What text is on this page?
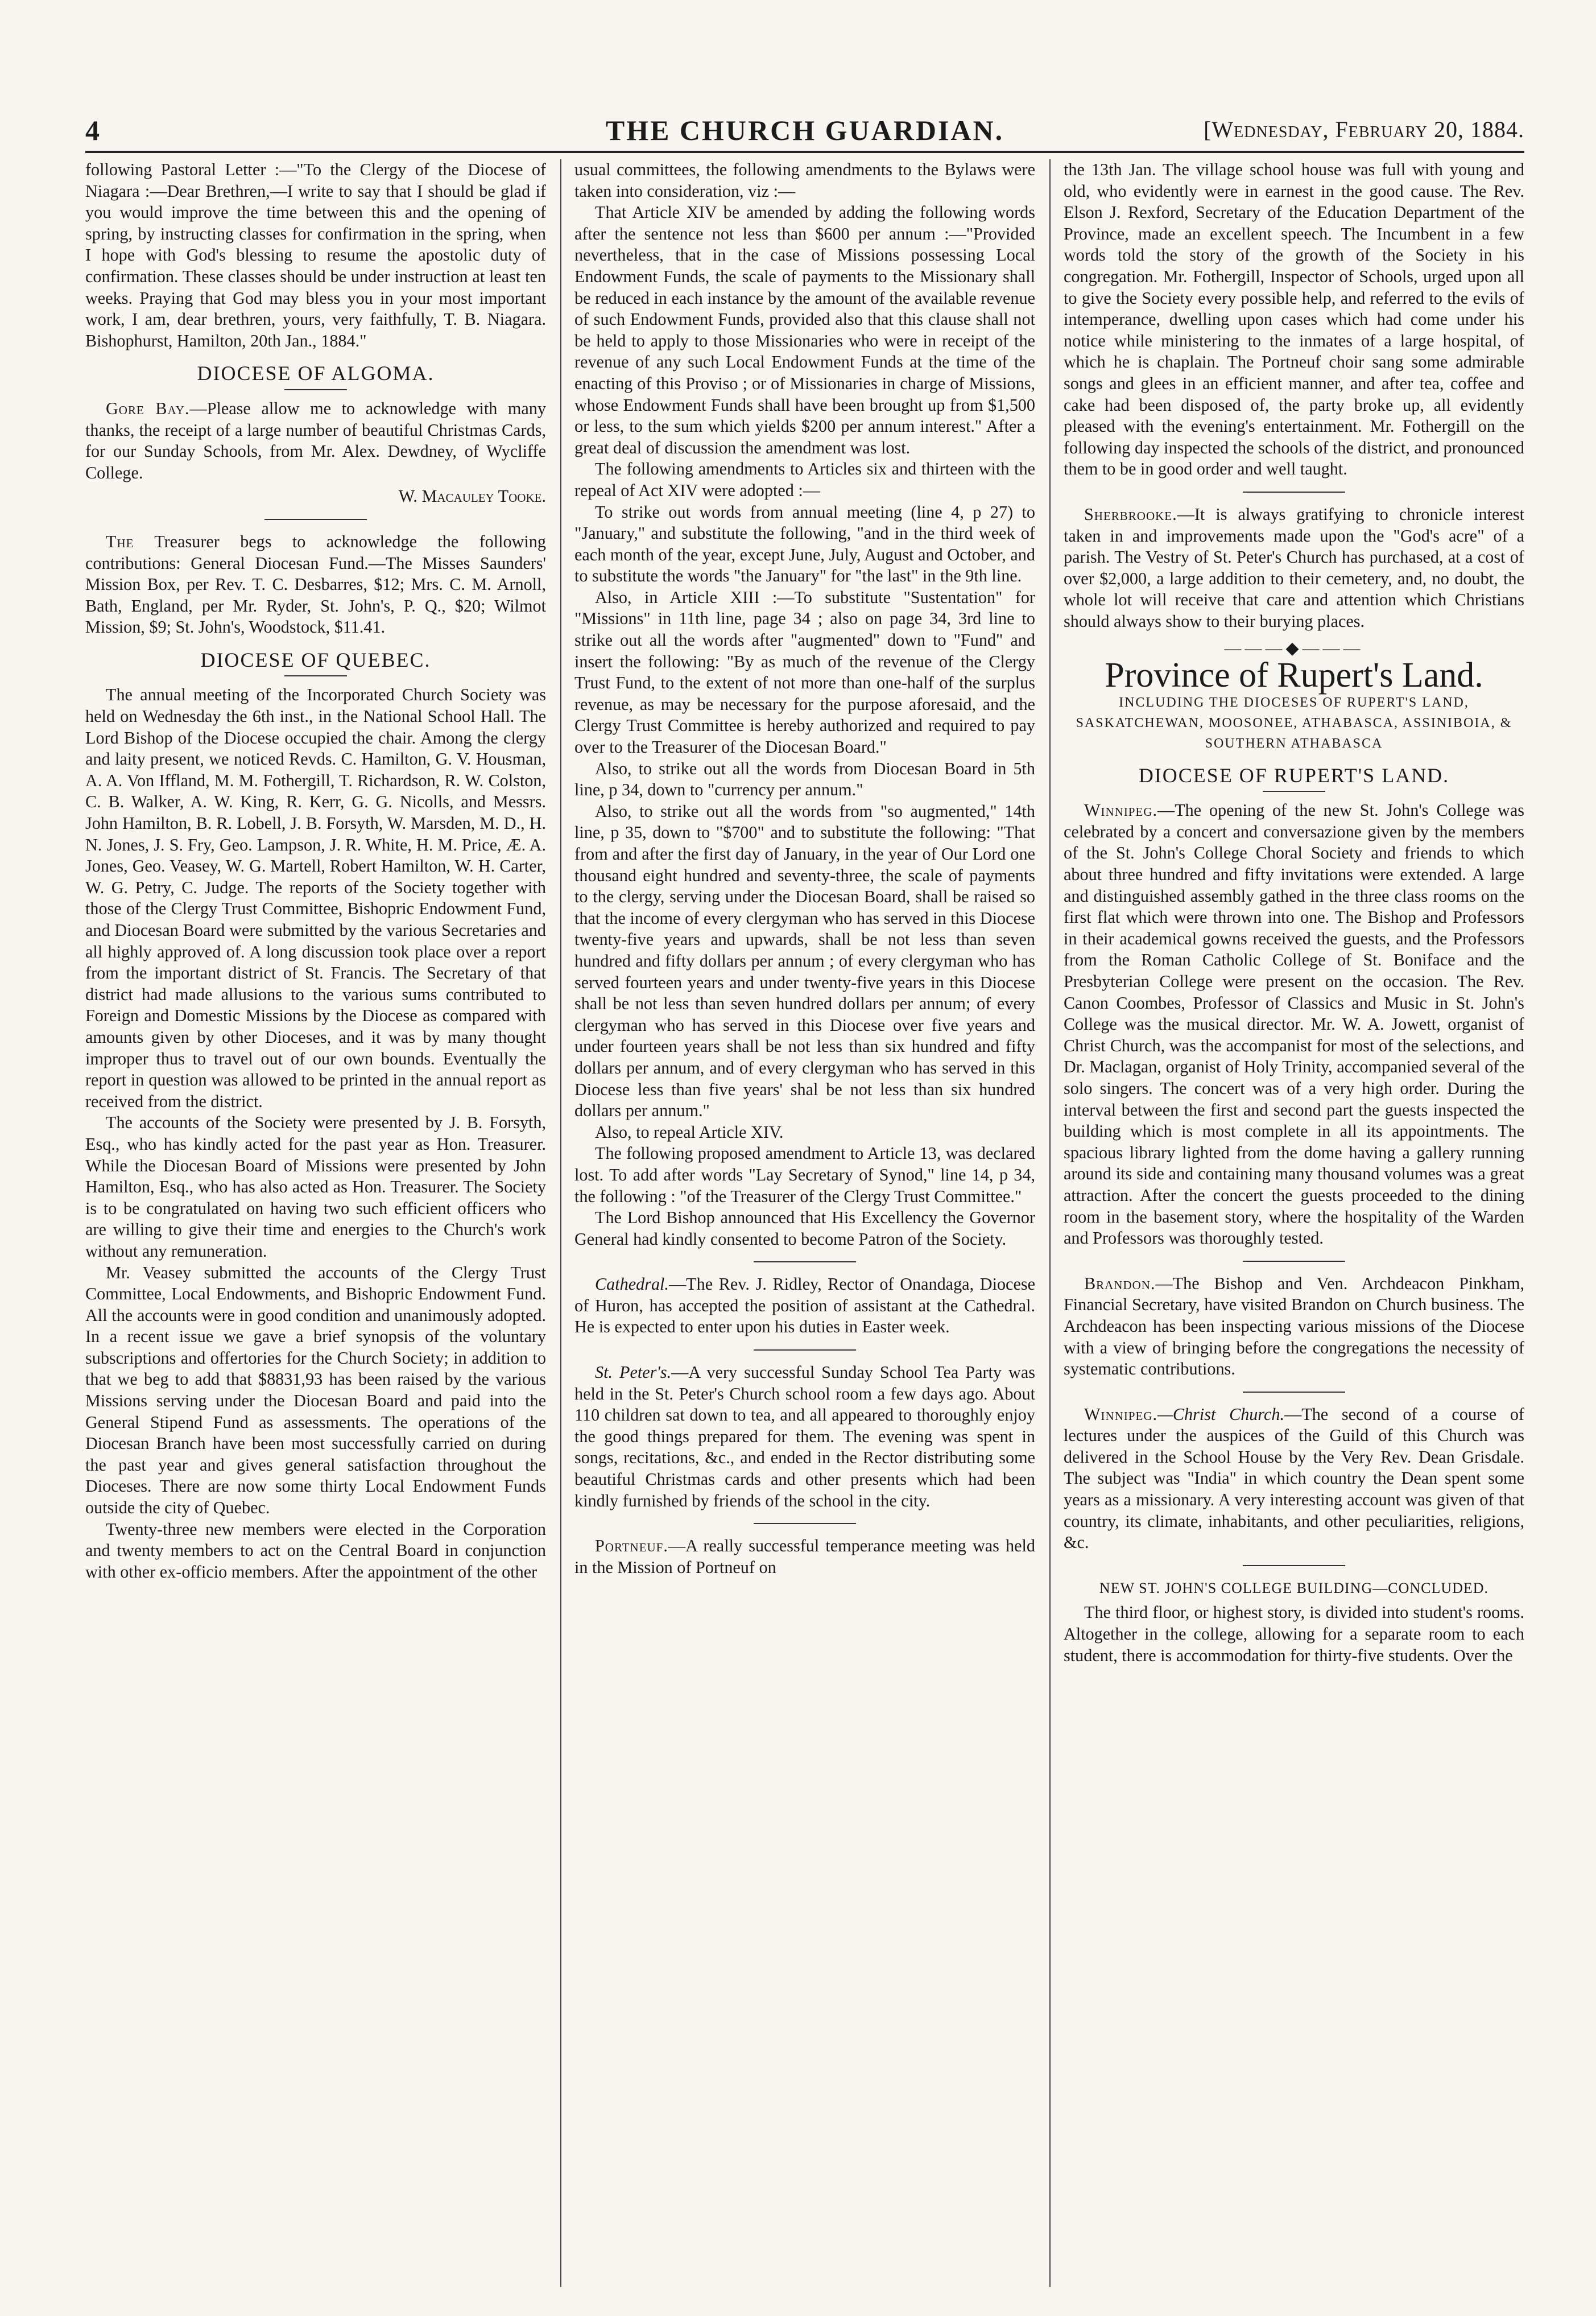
4	THE CHURCH GUARDIAN.	[Wednesday, February 20, 1884.

following Pastoral Letter :—"To the Clergy of the Diocese of Niagara :—Dear Brethren,—I write to say that I should be glad if you would improve the time between this and the opening of spring, by instructing classes for confirmation in the spring, when I hope with God's blessing to resume the apostolic duty of confirmation. These classes should be under instruction at least ten weeks. Praying that God may bless you in your most important work, I am, dear brethren, yours, very faithfully, T. B. Niagara. Bishophurst, Hamilton, 20th Jan., 1884."

DIOCESE OF ALGOMA.

Gore Bay.—Please allow me to acknowledge with many thanks, the receipt of a large number of beautiful Christmas Cards, for our Sunday Schools, from Mr. Alex. Dewdney, of Wycliffe College.

W. Macauley Tooke.

The Treasurer begs to acknowledge the following contributions: General Diocesan Fund.—The Misses Saunders' Mission Box, per Rev. T. C. Desbarres, $12; Mrs. C. M. Arnoll, Bath, England, per Mr. Ryder, St. John's, P. Q., $20; Wilmot Mission, $9; St. John's, Woodstock, $11.41.

DIOCESE OF QUEBEC.

The annual meeting of the Incorporated Church Society was held on Wednesday the 6th inst., in the National School Hall. The Lord Bishop of the Diocese occupied the chair. Among the clergy and laity present, we noticed Revds. C. Hamilton, G. V. Housman, A. A. Von Iffland, M. M. Fothergill, T. Richardson, R. W. Colston, C. B. Walker, A. W. King, R. Kerr, G. G. Nicolls, and Messrs. John Hamilton, B. R. Lobell, J. B. Forsyth, W. Marsden, M. D., H. N. Jones, J. S. Fry, Geo. Lampson, J. R. White, H. M. Price, Æ. A. Jones, Geo. Veasey, W. G. Martell, Robert Hamilton, W. H. Carter, W. G. Petry, C. Judge. The reports of the Society together with those of the Clergy Trust Committee, Bishopric Endowment Fund, and Diocesan Board were submitted by the various Secretaries and all highly approved of. A long discussion took place over a report from the important district of St. Francis. The Secretary of that district had made allusions to the various sums contributed to Foreign and Domestic Missions by the Diocese as compared with amounts given by other Dioceses, and it was by many thought improper thus to travel out of our own bounds. Eventually the report in question was allowed to be printed in the annual report as received from the district.

The accounts of the Society were presented by J. B. Forsyth, Esq., who has kindly acted for the past year as Hon. Treasurer. While the Diocesan Board of Missions were presented by John Hamilton, Esq., who has also acted as Hon. Treasurer. The Society is to be congratulated on having two such efficient officers who are willing to give their time and energies to the Church's work without any remuneration.

Mr. Veasey submitted the accounts of the Clergy Trust Committee, Local Endowments, and Bishopric Endowment Fund. All the accounts were in good condition and unanimously adopted. In a recent issue we gave a brief synopsis of the voluntary subscriptions and offertories for the Church Society; in addition to that we beg to add that $8831,93 has been raised by the various Missions serving under the Diocesan Board and paid into the General Stipend Fund as assessments. The operations of the Diocesan Branch have been most successfully carried on during the past year and gives general satisfaction throughout the Dioceses. There are now some thirty Local Endowment Funds outside the city of Quebec.

Twenty-three new members were elected in the Corporation and twenty members to act on the Central Board in conjunction with other ex-officio members. After the appointment of the other

usual committees, the following amendments to the Bylaws were taken into consideration, viz :—

That Article XIV be amended by adding the following words after the sentence not less than $600 per annum :—"Provided nevertheless, that in the case of Missions possessing Local Endowment Funds, the scale of payments to the Missionary shall be reduced in each instance by the amount of the available revenue of such Endowment Funds, provided also that this clause shall not be held to apply to those Missionaries who were in receipt of the revenue of any such Local Endowment Funds at the time of the enacting of this Proviso ; or of Missionaries in charge of Missions, whose Endowment Funds shall have been brought up from $1,500 or less, to the sum which yields $200 per annum interest." After a great deal of discussion the amendment was lost.

The following amendments to Articles six and thirteen with the repeal of Act XIV were adopted :—

To strike out words from annual meeting (line 4, p 27) to "January," and substitute the following, "and in the third week of each month of the year, except June, July, August and October, and to substitute the words "the January" for "the last" in the 9th line.

Also, in Article XIII :—To substitute "Sustentation" for "Missions" in 11th line, page 34 ; also on page 34, 3rd line to strike out all the words after "augmented" down to "Fund" and insert the following: "By as much of the revenue of the Clergy Trust Fund, to the extent of not more than one-half of the surplus revenue, as may be necessary for the purpose aforesaid, and the Clergy Trust Committee is hereby authorized and required to pay over to the Treasurer of the Diocesan Board."

Also, to strike out all the words from Diocesan Board in 5th line, p 34, down to "currency per annum."

Also, to strike out all the words from "so augmented," 14th line, p 35, down to "$700" and to substitute the following: "That from and after the first day of January, in the year of Our Lord one thousand eight hundred and seventy-three, the scale of payments to the clergy, serving under the Diocesan Board, shall be raised so that the income of every clergyman who has served in this Diocese twenty-five years and upwards, shall be not less than seven hundred and fifty dollars per annum ; of every clergyman who has served fourteen years and under twenty-five years in this Diocese shall be not less than seven hundred dollars per annum; of every clergyman who has served in this Diocese over five years and under fourteen years shall be not less than six hundred and fifty dollars per annum, and of every clergyman who has served in this Diocese less than five years' shal be not less than six hundred dollars per annum."

Also, to repeal Article XIV.

The following proposed amendment to Article 13, was declared lost. To add after words "Lay Secretary of Synod," line 14, p 34, the following : "of the Treasurer of the Clergy Trust Committee."

The Lord Bishop announced that His Excellency the Governor General had kindly consented to become Patron of the Society.

Cathedral.—The Rev. J. Ridley, Rector of Onandaga, Diocese of Huron, has accepted the position of assistant at the Cathedral. He is expected to enter upon his duties in Easter week.

St. Peter's.—A very successful Sunday School Tea Party was held in the St. Peter's Church school room a few days ago. About 110 children sat down to tea, and all appeared to thoroughly enjoy the good things prepared for them. The evening was spent in songs, recitations, &c., and ended in the Rector distributing some beautiful Christmas cards and other presents which had been kindly furnished by friends of the school in the city.

Portneuf.—A really successful temperance meeting was held in the Mission of Portneuf on

the 13th Jan. The village school house was full with young and old, who evidently were in earnest in the good cause. The Rev. Elson J. Rexford, Secretary of the Education Department of the Province, made an excellent speech. The Incumbent in a few words told the story of the growth of the Society in his congregation. Mr. Fothergill, Inspector of Schools, urged upon all to give the Society every possible help, and referred to the evils of intemperance, dwelling upon cases which had come under his notice while ministering to the inmates of a large hospital, of which he is chaplain. The Portneuf choir sang some admirable songs and glees in an efficient manner, and after tea, coffee and cake had been disposed of, the party broke up, all evidently pleased with the evening's entertainment. Mr. Fothergill on the following day inspected the schools of the district, and pronounced them to be in good order and well taught.

Sherbrooke.—It is always gratifying to chronicle interest taken in and improvements made upon the "God's acre" of a parish. The Vestry of St. Peter's Church has purchased, at a cost of over $2,000, a large addition to their cemetery, and, no doubt, the whole lot will receive that care and attention which Christians should always show to their burying places.

———◆———
Province of Rupert's Land.
INCLUDING THE DIOCESES OF RUPERT'S LAND, SASKATCHEWAN, MOOSONEE, ATHABASCA, ASSINIBOIA, & SOUTHERN ATHABASCA
DIOCESE OF RUPERT'S LAND.

Winnipeg.—The opening of the new St. John's College was celebrated by a concert and conversazione given by the members of the St. John's College Choral Society and friends to which about three hundred and fifty invitations were extended. A large and distinguished assembly gathed in the three class rooms on the first flat which were thrown into one. The Bishop and Professors in their academical gowns received the guests, and the Professors from the Roman Catholic College of St. Boniface and the Presbyterian College were present on the occasion. The Rev. Canon Coombes, Professor of Classics and Music in St. John's College was the musical director. Mr. W. A. Jowett, organist of Christ Church, was the accompanist for most of the selections, and Dr. Maclagan, organist of Holy Trinity, accompanied several of the solo singers. The concert was of a very high order. During the interval between the first and second part the guests inspected the building which is most complete in all its appointments. The spacious library lighted from the dome having a gallery running around its side and containing many thousand volumes was a great attraction. After the concert the guests proceeded to the dining room in the basement story, where the hospitality of the Warden and Professors was thoroughly tested.

Brandon.—The Bishop and Ven. Archdeacon Pinkham, Financial Secretary, have visited Brandon on Church business. The Archdeacon has been inspecting various missions of the Diocese with a view of bringing before the congregations the necessity of systematic contributions.

Winnipeg.—Christ Church.—The second of a course of lectures under the auspices of the Guild of this Church was delivered in the School House by the Very Rev. Dean Grisdale. The subject was "India" in which country the Dean spent some years as a missionary. A very interesting account was given of that country, its climate, inhabitants, and other peculiarities, religions, &c.

NEW ST. JOHN'S COLLEGE BUILDING—CONCLUDED.

The third floor, or highest story, is divided into student's rooms. Altogether in the college, allowing for a separate room to each student, there is accommodation for thirty-five students. Over the
